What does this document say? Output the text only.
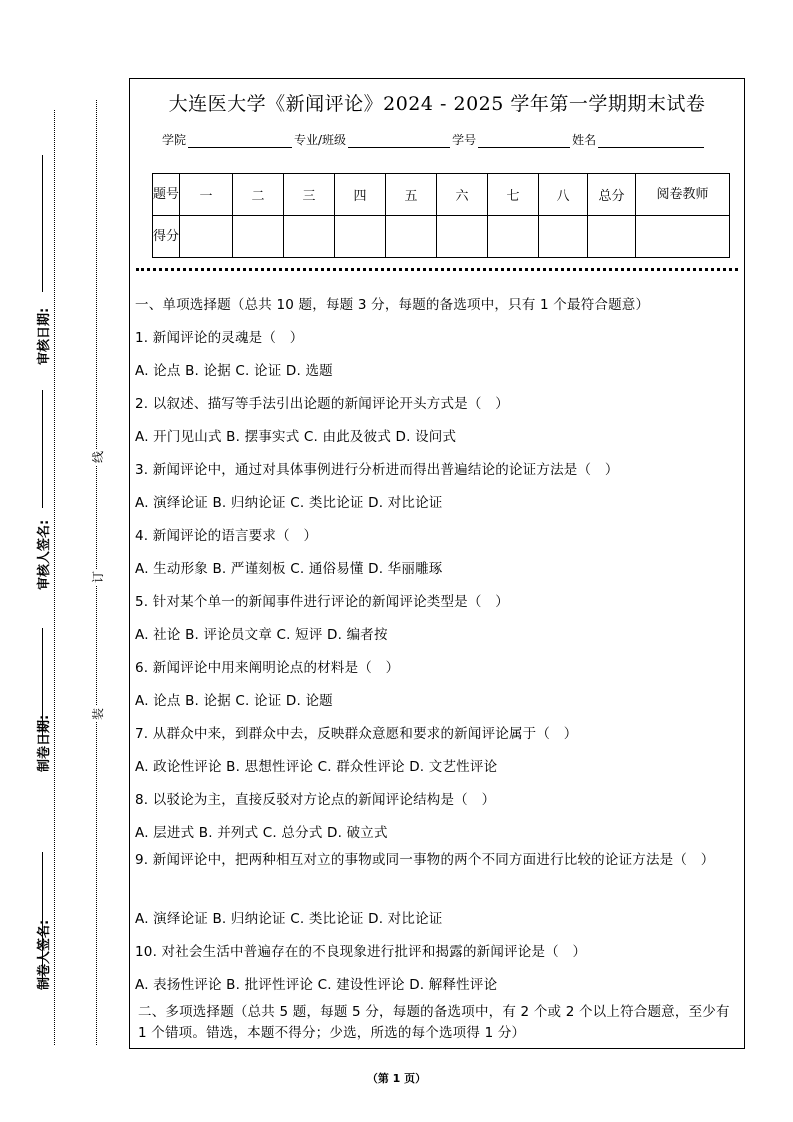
审核日期:
审核人签名:
制卷日期:
制卷人签名:
线
订
装
大连医大学《新闻评论》2024 - 2025 学年第一学期期末试卷
学院	专业/班级	学号	姓名
题号	一	二	三	四	五	六	七	八	总分	阅卷教师
得分										
一、单项选择题（总共 10 题，每题 3 分，每题的备选项中，只有 1 个最符合题意）
1. 新闻评论的灵魂是（　）
A. 论点 B. 论据 C. 论证 D. 选题
2. 以叙述、描写等手法引出论题的新闻评论开头方式是（　）
A. 开门见山式 B. 摆事实式 C. 由此及彼式 D. 设问式
3. 新闻评论中，通过对具体事例进行分析进而得出普遍结论的论证方法是（　）
A. 演绎论证 B. 归纳论证 C. 类比论证 D. 对比论证
4. 新闻评论的语言要求（　）
A. 生动形象 B. 严谨刻板 C. 通俗易懂 D. 华丽雕琢
5. 针对某个单一的新闻事件进行评论的新闻评论类型是（　）
A. 社论 B. 评论员文章 C. 短评 D. 编者按
6. 新闻评论中用来阐明论点的材料是（　）
A. 论点 B. 论据 C. 论证 D. 论题
7. 从群众中来，到群众中去，反映群众意愿和要求的新闻评论属于（　）
A. 政论性评论 B. 思想性评论 C. 群众性评论 D. 文艺性评论
8. 以驳论为主，直接反驳对方论点的新闻评论结构是（　）
A. 层进式 B. 并列式 C. 总分式 D. 破立式
9. 新闻评论中，把两种相互对立的事物或同一事物的两个不同方面进行比较的论证方法是（　）
A. 演绎论证 B. 归纳论证 C. 类比论证 D. 对比论证
10. 对社会生活中普遍存在的不良现象进行批评和揭露的新闻评论是（　）
A. 表扬性评论 B. 批评性评论 C. 建设性评论 D. 解释性评论
二、多项选择题（总共 5 题，每题 5 分，每题的备选项中，有 2 个或 2 个以上符合题意，至少有 1 个错项。错选，本题不得分；少选，所选的每个选项得 1 分）
（第 1 页）
